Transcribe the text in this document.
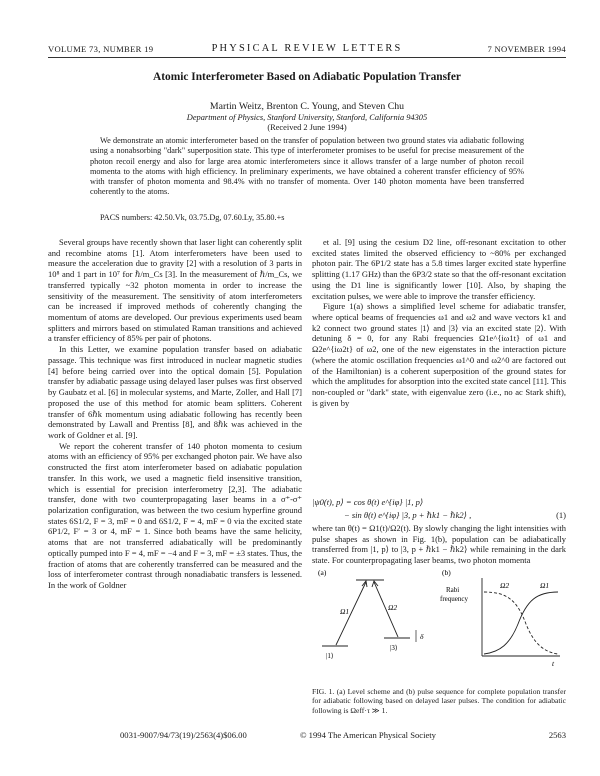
VOLUME 73, NUMBER 19	PHYSICAL REVIEW LETTERS	7 NOVEMBER 1994
Atomic Interferometer Based on Adiabatic Population Transfer
Martin Weitz, Brenton C. Young, and Steven Chu
Department of Physics, Stanford University, Stanford, California 94305
(Received 2 June 1994)

We demonstrate an atomic interferometer based on the transfer of population between two ground states via adiabatic following using a nonabsorbing "dark" superposition state. This type of interferometer promises to be useful for precise measurement of the photon recoil energy and also for large area atomic interferometers since it allows transfer of a large number of photon recoil momenta to the atoms with high efficiency. In preliminary experiments, we have obtained a coherent transfer efficiency of 95% with transfer of photon momenta and 98.4% with no transfer of momenta. Over 140 photon momenta have been transferred coherently to the atoms.

PACS numbers: 42.50.Vk, 03.75.Dg, 07.60.Ly, 35.80.+s

Several groups have recently shown that laser light can coherently split and recombine atoms [1]. Atom interferometers have been used to measure the acceleration due to gravity [2] with a resolution of 3 parts in 10⁸ and 1 part in 10⁷ for ℏ/m_Cs [3]. In the measurement of ℏ/m_Cs, we transferred typically ~32 photon momenta in order to increase the sensitivity of the measurement. The sensitivity of atom interferometers can be increased if improved methods of coherently changing the momentum of atoms are developed. Our previous experiments used beam splitters and mirrors based on stimulated Raman transitions and achieved a transfer efficiency of 85% per pair of photons.

In this Letter, we examine population transfer based on adiabatic passage. This technique was first introduced in nuclear magnetic studies [4] before being carried over into the optical domain [5]. Population transfer by adiabatic passage using delayed laser pulses was first observed by Gaubatz et al. [6] in molecular systems, and Marte, Zoller, and Hall [7] proposed the use of this method for atomic beam splitters. Coherent transfer of 6ℏk momentum using adiabatic following has recently been demonstrated by Lawall and Prentiss [8], and 8ℏk was achieved in the work of Goldner et al. [9].

We report the coherent transfer of 140 photon momenta to cesium atoms with an efficiency of 95% per exchanged photon pair. We have also constructed the first atom interferometer based on adiabatic population transfer. In this work, we used a magnetic field insensitive transition, which is essential for precision interferometry [2,3]. The adiabatic transfer, done with two counterpropagating laser beams in a σ⁺-σ⁺ polarization configuration, was between the two cesium hyperfine ground states 6S1/2, F = 3, mF = 0 and 6S1/2, F = 4, mF = 0 via the excited state 6P1/2, F′ = 3 or 4, mF = 1. Since both beams have the same helicity, atoms that are not transferred adiabatically will be predominantly optically pumped into F = 4, mF = −4 and F = 3, mF = ±3 states. Thus, the fraction of atoms that are coherently transferred can be measured and the loss of interferometer contrast through nonadiabatic transfers is lessened. In the work of Goldner

et al. [9] using the cesium D2 line, off-resonant excitation to other excited states limited the observed efficiency to ~80% per exchanged photon pair. The 6P1/2 state has a 5.8 times larger excited state hyperfine splitting (1.17 GHz) than the 6P3/2 state so that the off-resonant excitation using the D1 line is significantly lower [10]. Also, by shaping the excitation pulses, we were able to improve the transfer efficiency.

Figure 1(a) shows a simplified level scheme for adiabatic transfer, where optical beams of frequencies ω1 and ω2 and wave vectors k1 and k2 connect two ground states |1⟩ and |3⟩ via an excited state |2⟩. With detuning δ = 0, for any Rabi frequencies Ω1e^{iω1t} of ω1 and Ω2e^{iω2t} of ω2, one of the new eigenstates in the interaction picture (where the atomic oscillation frequencies ω1^0 and ω2^0 are factored out of the Hamiltonian) is a coherent superposition of the ground states for which the amplitudes for absorption into the excited state cancel [11]. This non-coupled or "dark" state, with eigenvalue zero (i.e., no ac Stark shift), is given by

|ψ0(t), p⟩ = cos θ(t) e^{iφ} |1, p⟩
− sin θ(t) e^{iφ} |3, p + ℏk1 − ℏk2⟩ ,	(1)

where tan θ(t) = Ω1(t)/Ω2(t). By slowly changing the light intensities with pulse shapes as shown in Fig. 1(b), population can be adiabatically transferred from |1, p⟩ to |3, p + ℏk1 − ℏk2⟩ while remaining in the dark state. For counterpropagating laser beams, two photon momenta

(a)
Ω1	Ω2
δ
|1⟩
|3⟩
(b)
Rabi
frequency
Ω2	Ω1
t

FIG. 1. (a) Level scheme and (b) pulse sequence for complete population transfer for adiabatic following based on delayed laser pulses. The condition for adiabatic following is Ωeff·τ ≫ 1.

0031-9007/94/73(19)/2563(4)$06.00	© 1994 The American Physical Society	2563
